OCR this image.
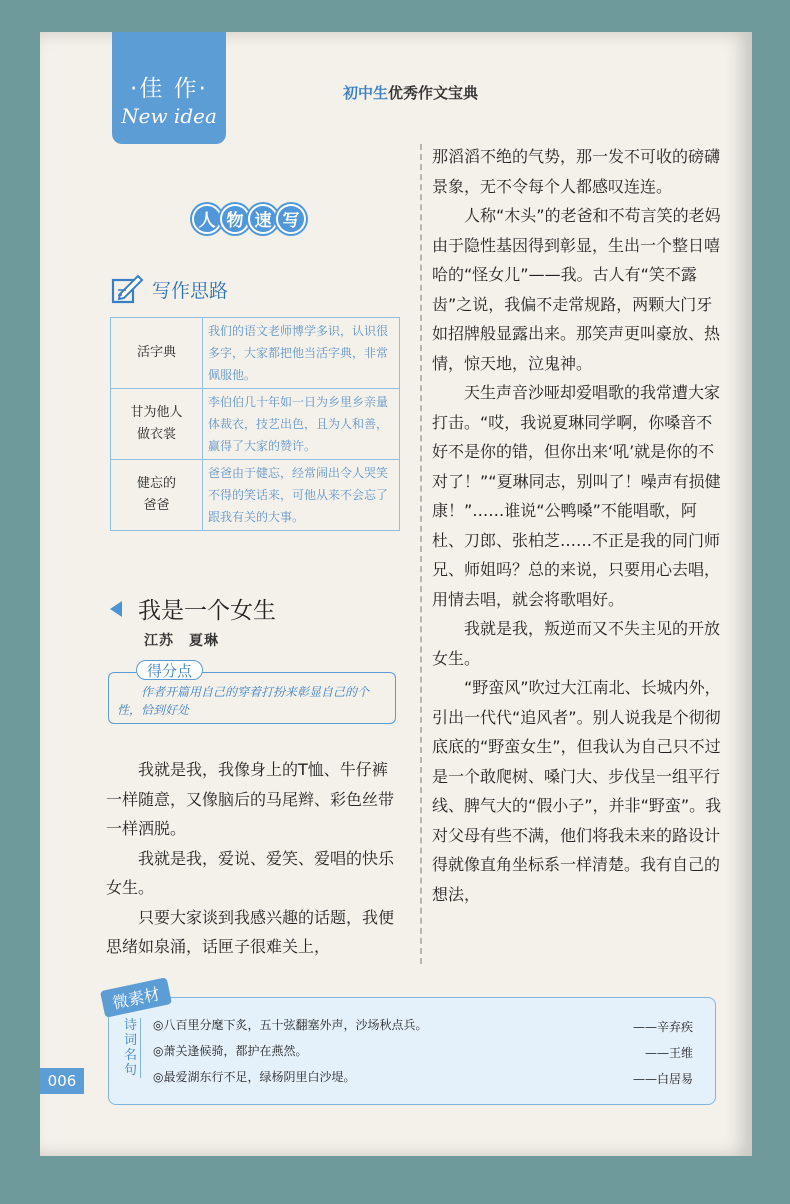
·佳 作·
New idea
初中生优秀作文宝典
人 物 速 写
写作思路
活字典	我们的语文老师博学多识，认识很多字，大家都把他当活字典，非常佩服他。
甘为他人做衣裳	李伯伯几十年如一日为乡里乡亲量体裁衣，技艺出色，且为人和善，赢得了大家的赞许。
健忘的爸爸	爸爸由于健忘，经常闹出令人哭笑不得的笑话来，可他从来不会忘了跟我有关的大事。
我是一个女生
江苏　夏琳
得分点
作者开篇用自己的穿着打扮来彰显自己的个性，恰到好处

我就是我，我像身上的T恤、牛仔裤一样随意，又像脑后的马尾辫、彩色丝带一样洒脱。

我就是我，爱说、爱笑、爱唱的快乐女生。

只要大家谈到我感兴趣的话题，我便思绪如泉涌，话匣子很难关上，

那滔滔不绝的气势，那一发不可收的磅礴景象，无不令每个人都感叹连连。

人称“木头”的老爸和不苟言笑的老妈由于隐性基因得到彰显，生出一个整日嘻哈的“怪女儿”——我。古人有“笑不露齿”之说，我偏不走常规路，两颗大门牙如招牌般显露出来。那笑声更叫豪放、热情，惊天地，泣鬼神。

天生声音沙哑却爱唱歌的我常遭大家打击。“哎，我说夏琳同学啊，你嗓音不好不是你的错，但你出来‘吼’就是你的不对了！”“夏琳同志，别叫了！噪声有损健康！”……谁说“公鸭嗓”不能唱歌，阿杜、刀郎、张柏芝……不正是我的同门师兄、师姐吗？总的来说，只要用心去唱，用情去唱，就会将歌唱好。

我就是我，叛逆而又不失主见的开放女生。

“野蛮风”吹过大江南北、长城内外，引出一代代“追风者”。别人说我是个彻彻底底的“野蛮女生”，但我认为自己只不过是一个敢爬树、嗓门大、步伐呈一组平行线、脾气大的“假小子”，并非“野蛮”。我对父母有些不满，他们将我未来的路设计得就像直角坐标系一样清楚。我有自己的想法，

微素材
诗词名句
◎八百里分麾下炙，五十弦翻塞外声，沙场秋点兵。	——辛弃疾
◎萧关逢候骑，都护在燕然。	——王维
◎最爱湖东行不足，绿杨阴里白沙堤。	——白居易
006
